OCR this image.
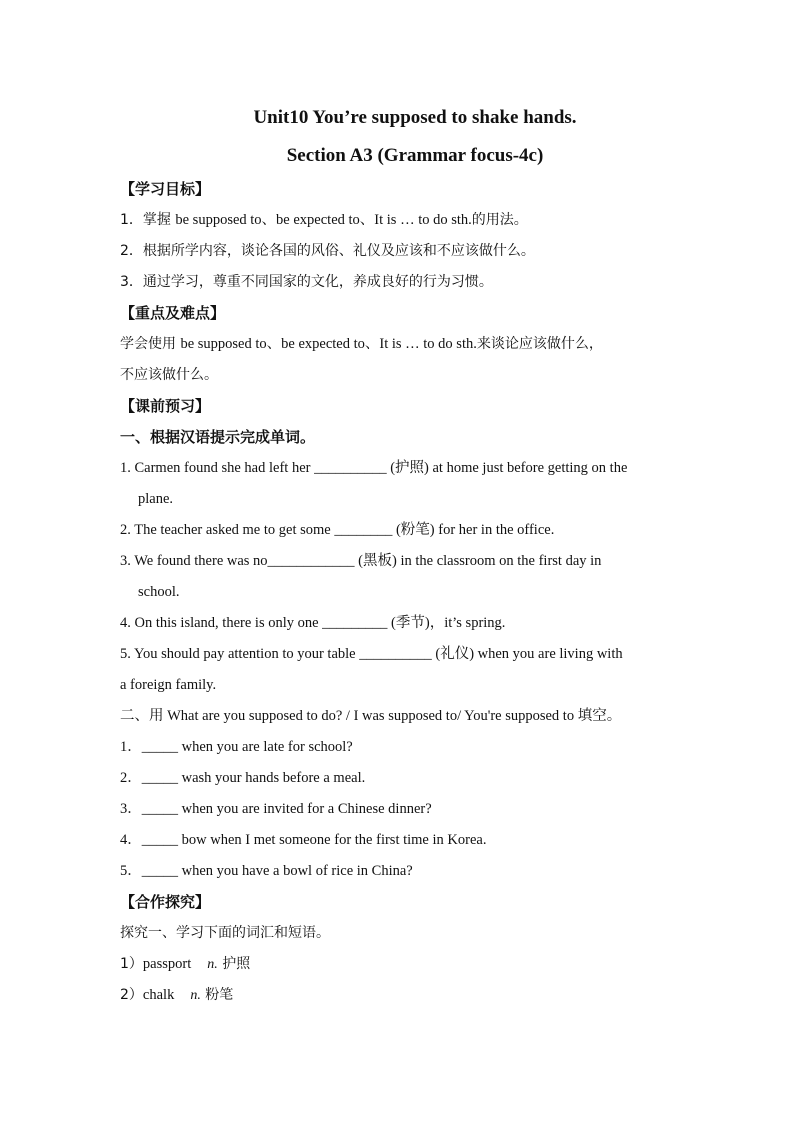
Unit10 You’re supposed to shake hands.
Section A3 (Grammar focus-4c)

【学习目标】

1．掌握 be supposed to、be expected to、It is … to do sth.的用法。

2．根据所学内容，谈论各国的风俗、礼仪及应该和不应该做什么。

3．通过学习，尊重不同国家的文化，养成良好的行为习惯。

【重点及难点】

学会使用 be supposed to、be expected to、It is … to do sth.来谈论应该做什么，

不应该做什么。

【课前预习】

一、根据汉语提示完成单词。

1. Carmen found she had left her __________ (护照) at home just before getting on the

plane.

2. The teacher asked me to get some ________ (粉笔) for her in the office.

3. We found there was no____________ (黑板) in the classroom on the first day in

school.

4. On this island, there is only one _________ (季节)，it’s spring.

5. You should pay attention to your table __________ (礼仪) when you are living with

a foreign family.

二、用 What are you supposed to do? / I was supposed to/ You're supposed to 填空。

1．_____ when you are late for school?

2．_____ wash your hands before a meal.

3．_____ when you are invited for a Chinese dinner?

4．_____ bow when I met someone for the first time in Korea.

5．_____ when you have a bowl of rice in China?

【合作探究】

探究一、学习下面的词汇和短语。

1）passport n. 护照

2）chalk n. 粉笔
